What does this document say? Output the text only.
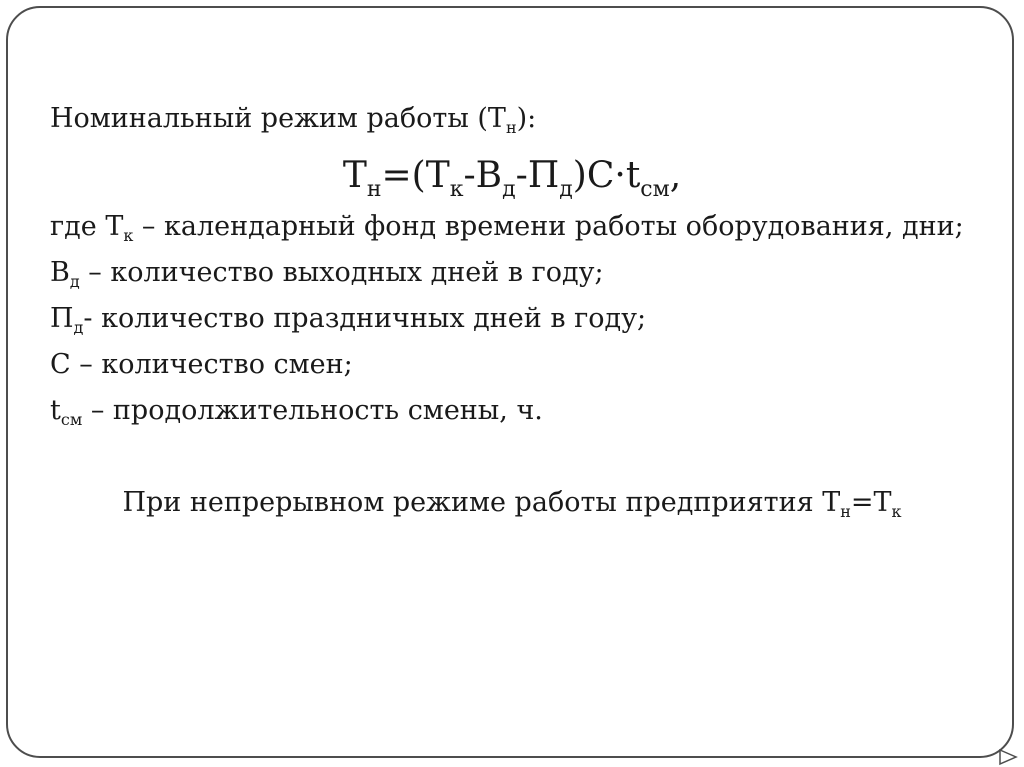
Номинальный режим работы $(Т_н)$:
$Т_н=(Т_к-В_д-П_д)С\cdot t_{см}$,
где $Т_к$ – календарный фонд времени работы оборудования, дни;
$В_д$ – количество выходных дней в году;
$П_д-$ количество праздничных дней в году;
С – количество смен;
$t_{см}$ – продолжительность смены, ч.
При непрерывном режиме работы предприятия $Т_н=Т_к$
